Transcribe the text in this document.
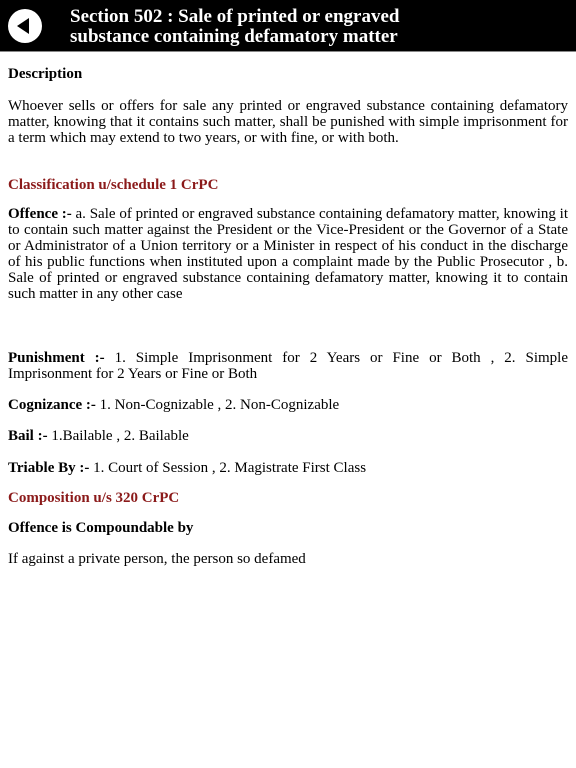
Section 502 : Sale of printed or engraved
substance containing defamatory matter
Description
Whoever sells or offers for sale any printed or engraved substance containing defamatory matter, knowing that it contains such matter, shall be punished with simple imprisonment for a term which may extend to two years, or with fine, or with both.
Classification u/schedule 1 CrPC
Offence :- a. Sale of printed or engraved substance containing defamatory matter, knowing it to contain such matter against the President or the Vice-President or the Governor of a State or Administrator of a Union territory or a Minister in respect of his conduct in the discharge of his public functions when instituted upon a complaint made by the Public Prosecutor , b. Sale of printed or engraved substance containing defamatory matter, knowing it to contain such matter in any other case
Punishment :- 1. Simple Imprisonment for 2 Years or Fine or Both , 2. Simple Imprisonment for 2 Years or Fine or Both
Cognizance :- 1. Non-Cognizable , 2. Non-Cognizable
Bail :- 1.Bailable , 2. Bailable
Triable By :- 1. Court of Session , 2. Magistrate First Class
Composition u/s 320 CrPC
Offence is Compoundable by
If against a private person, the person so defamed
